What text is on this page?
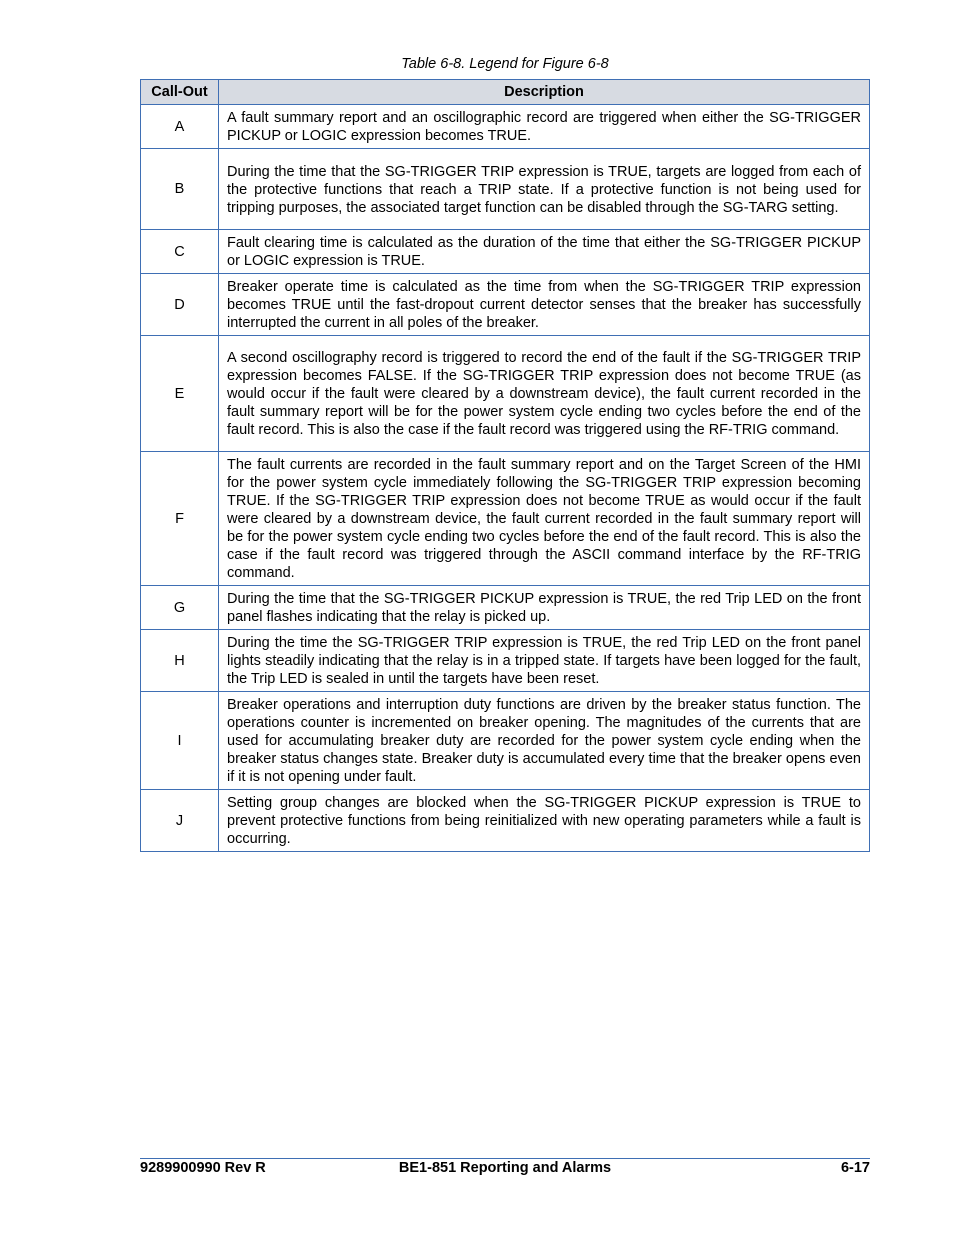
Table 6-8. Legend for Figure 6-8
Call-Out	Description
A	A fault summary report and an oscillographic record are triggered when either the SG-TRIGGER PICKUP or LOGIC expression becomes TRUE.
B	During the time that the SG-TRIGGER TRIP expression is TRUE, targets are logged from each of the protective functions that reach a TRIP state. If a protective function is not being used for tripping purposes, the associated target function can be disabled through the SG-TARG setting.
C	Fault clearing time is calculated as the duration of the time that either the SG-TRIGGER PICKUP or LOGIC expression is TRUE.
D	Breaker operate time is calculated as the time from when the SG-TRIGGER TRIP expression becomes TRUE until the fast-dropout current detector senses that the breaker has successfully interrupted the current in all poles of the breaker.
E	A second oscillography record is triggered to record the end of the fault if the SG-TRIGGER TRIP expression becomes FALSE. If the SG-TRIGGER TRIP expression does not become TRUE (as would occur if the fault were cleared by a downstream device), the fault current recorded in the fault summary report will be for the power system cycle ending two cycles before the end of the fault record. This is also the case if the fault record was triggered using the RF-TRIG command.
F	The fault currents are recorded in the fault summary report and on the Target Screen of the HMI for the power system cycle immediately following the SG-TRIGGER TRIP expression becoming TRUE. If the SG-TRIGGER TRIP expression does not become TRUE as would occur if the fault were cleared by a downstream device, the fault current recorded in the fault summary report will be for the power system cycle ending two cycles before the end of the fault record. This is also the case if the fault record was triggered through the ASCII command interface by the RF-TRIG command.
G	During the time that the SG-TRIGGER PICKUP expression is TRUE, the red Trip LED on the front panel flashes indicating that the relay is picked up.
H	During the time the SG-TRIGGER TRIP expression is TRUE, the red Trip LED on the front panel lights steadily indicating that the relay is in a tripped state. If targets have been logged for the fault, the Trip LED is sealed in until the targets have been reset.
I	Breaker operations and interruption duty functions are driven by the breaker status function. The operations counter is incremented on breaker opening. The magnitudes of the currents that are used for accumulating breaker duty are recorded for the power system cycle ending when the breaker status changes state. Breaker duty is accumulated every time that the breaker opens even if it is not opening under fault.
J	Setting group changes are blocked when the SG-TRIGGER PICKUP expression is TRUE to prevent protective functions from being reinitialized with new operating parameters while a fault is occurring.
9289900990 Rev R	BE1-851 Reporting and Alarms	6-17
